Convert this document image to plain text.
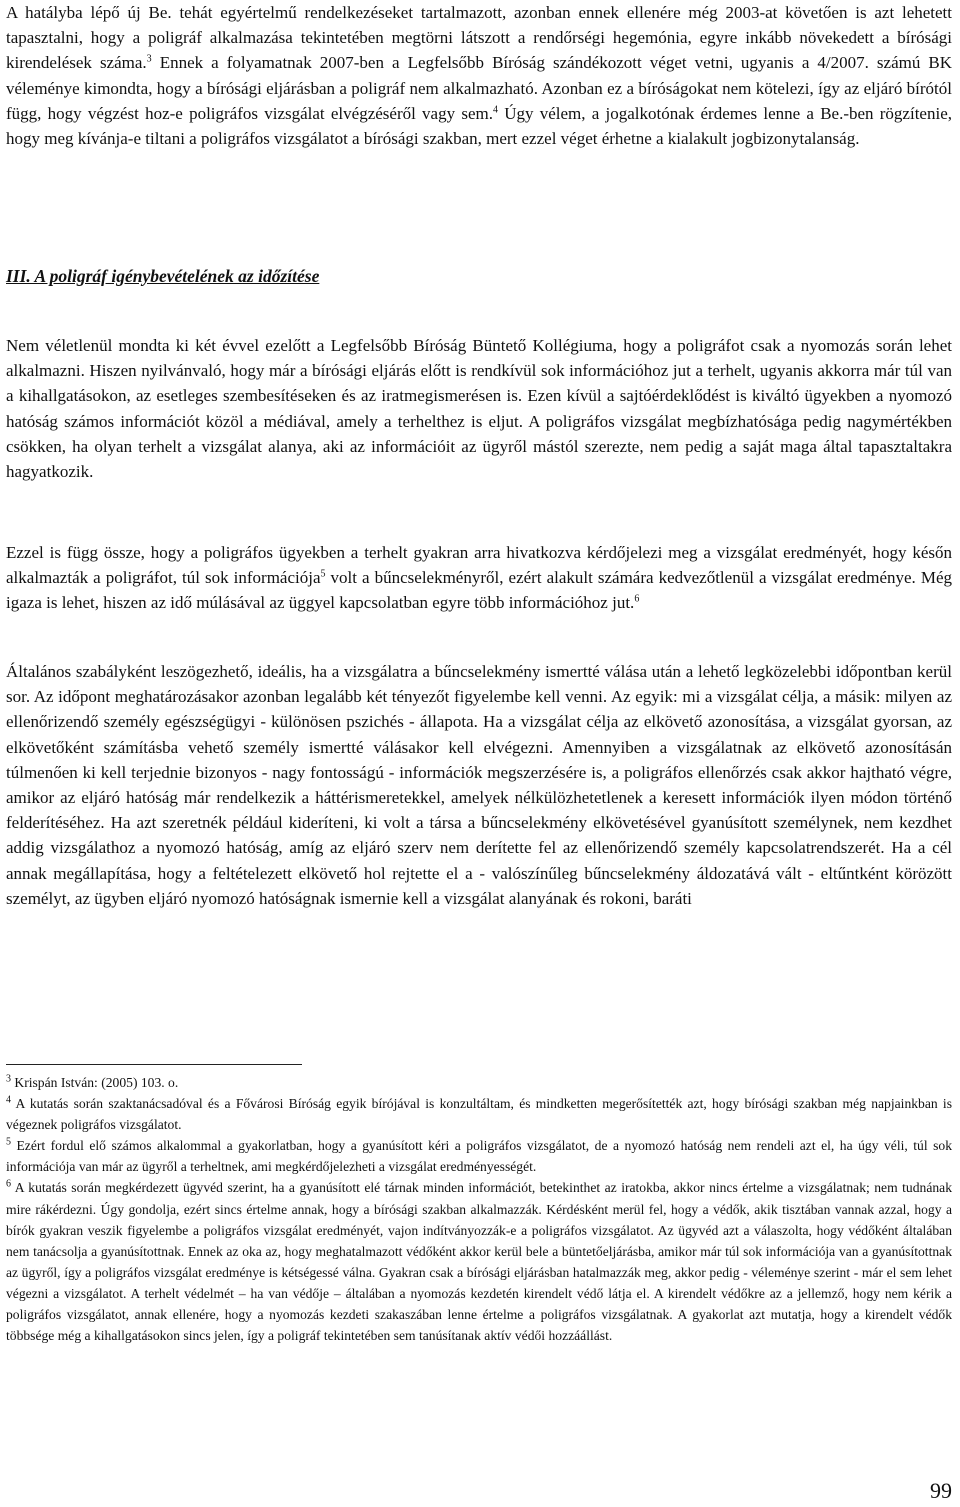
A hatályba lépő új Be. tehát egyértelmű rendelkezéseket tartalmazott, azonban ennek ellenére még 2003-at követően is azt lehetett tapasztalni, hogy a poligráf alkalmazása tekintetében megtörni látszott a rendőrségi hegemónia, egyre inkább növekedett a bírósági kirendelések száma.$^3$ Ennek a folyamatnak 2007-ben a Legfelsőbb Bíróság szándékozott véget vetni, ugyanis a 4/2007. számú BK véleménye kimondta, hogy a bírósági eljárásban a poligráf nem alkalmazható. Azonban ez a bíróságokat nem kötelezi, így az eljáró bírótól függ, hogy végzést hoz-e poligráfos vizsgálat elvégzéséről vagy sem.$^4$ Úgy vélem, a jogalkotónak érdemes lenne a Be.-ben rögzítenie, hogy meg kívánja-e tiltani a poligráfos vizsgálatot a bírósági szakban, mert ezzel véget érhetne a kialakult jogbizonytalanság.

III. A poligráf igénybevételének az időzítése

Nem véletlenül mondta ki két évvel ezelőtt a Legfelsőbb Bíróság Büntető Kollégiuma, hogy a poligráfot csak a nyomozás során lehet alkalmazni. Hiszen nyilvánvaló, hogy már a bírósági eljárás előtt is rendkívül sok információhoz jut a terhelt, ugyanis akkorra már túl van a kihallgatásokon, az esetleges szembesítéseken és az iratmegismerésen is. Ezen kívül a sajtóérdeklődést is kiváltó ügyekben a nyomozó hatóság számos információt közöl a médiával, amely a terhelthez is eljut. A poligráfos vizsgálat megbízhatósága pedig nagymértékben csökken, ha olyan terhelt a vizsgálat alanya, aki az információit az ügyről mástól szerezte, nem pedig a saját maga által tapasztaltakra hagyatkozik.

Ezzel is függ össze, hogy a poligráfos ügyekben a terhelt gyakran arra hivatkozva kérdőjelezi meg a vizsgálat eredményét, hogy későn alkalmazták a poligráfot, túl sok információja$^5$ volt a bűncselekményről, ezért alakult számára kedvezőtlenül a vizsgálat eredménye. Még igaza is lehet, hiszen az idő múlásával az üggyel kapcsolatban egyre több információhoz jut.$^6$

Általános szabályként leszögezhető, ideális, ha a vizsgálatra a bűncselekmény ismertté válása után a lehető legközelebbi időpontban kerül sor. Az időpont meghatározásakor azonban legalább két tényezőt figyelembe kell venni. Az egyik: mi a vizsgálat célja, a másik: milyen az ellenőrizendő személy egészségügyi - különösen pszichés - állapota. Ha a vizsgálat célja az elkövető azonosítása, a vizsgálat gyorsan, az elkövetőként számításba vehető személy ismertté válásakor kell elvégezni. Amennyiben a vizsgálatnak az elkövető azonosításán túlmenően ki kell terjednie bizonyos - nagy fontosságú - információk megszerzésére is, a poligráfos ellenőrzés csak akkor hajtható végre, amikor az eljáró hatóság már rendelkezik a háttérismeretekkel, amelyek nélkülözhetetlenek a keresett információk ilyen módon történő felderítéséhez. Ha azt szeretnék például kideríteni, ki volt a társa a bűncselekmény elkövetésével gyanúsított személynek, nem kezdhet addig vizsgálathoz a nyomozó hatóság, amíg az eljáró szerv nem derítette fel az ellenőrizendő személy kapcsolatrendszerét. Ha a cél annak megállapítása, hogy a feltételezett elkövető hol rejtette el a - valószínűleg bűncselekmény áldozatává vált - eltűntként körözött személyt, az ügyben eljáró nyomozó hatóságnak ismernie kell a vizsgálat alanyának és rokoni, baráti

$^3$ Krispán István: (2005) 103. o.

$^4$ A kutatás során szaktanácsadóval és a Fővárosi Bíróság egyik bírójával is konzultáltam, és mindketten megerősítették azt, hogy bírósági szakban még napjainkban is végeznek poligráfos vizsgálatot.

$^5$ Ezért fordul elő számos alkalommal a gyakorlatban, hogy a gyanúsított kéri a poligráfos vizsgálatot, de a nyomozó hatóság nem rendeli azt el, ha úgy véli, túl sok információja van már az ügyről a terheltnek, ami megkérdőjelezheti a vizsgálat eredményességét.

$^6$ A kutatás során megkérdezett ügyvéd szerint, ha a gyanúsított elé tárnak minden információt, betekinthet az iratokba, akkor nincs értelme a vizsgálatnak; nem tudnának mire rákérdezni. Úgy gondolja, ezért sincs értelme annak, hogy a bírósági szakban alkalmazzák. Kérdésként merül fel, hogy a védők, akik tisztában vannak azzal, hogy a bírók gyakran veszik figyelembe a poligráfos vizsgálat eredményét, vajon indítványozzák-e a poligráfos vizsgálatot. Az ügyvéd azt a válaszolta, hogy védőként általában nem tanácsolja a gyanúsítottnak. Ennek az oka az, hogy meghatalmazott védőként akkor kerül bele a büntetőeljárásba, amikor már túl sok információja van a gyanúsítottnak az ügyről, így a poligráfos vizsgálat eredménye is kétségessé válna. Gyakran csak a bírósági eljárásban hatalmazzák meg, akkor pedig - véleménye szerint - már el sem lehet végezni a vizsgálatot. A terhelt védelmét – ha van védője – általában a nyomozás kezdetén kirendelt védő látja el. A kirendelt védőkre az a jellemző, hogy nem kérik a poligráfos vizsgálatot, annak ellenére, hogy a nyomozás kezdeti szakaszában lenne értelme a poligráfos vizsgálatnak. A gyakorlat azt mutatja, hogy a kirendelt védők többsége még a kihallgatásokon sincs jelen, így a poligráf tekintetében sem tanúsítanak aktív védői hozzáállást.

99
